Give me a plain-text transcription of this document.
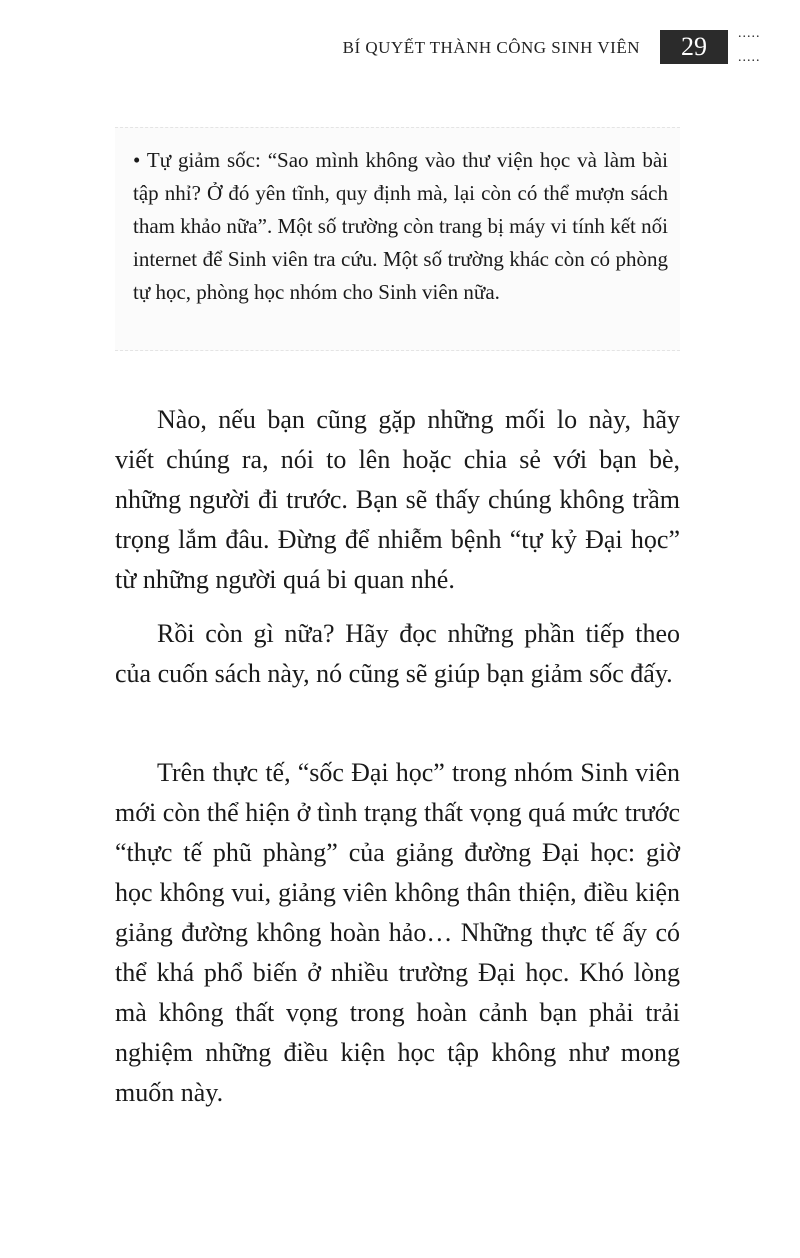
BÍ QUYẾT THÀNH CÔNG SINH VIÊN	29	.....
.....

• Tự giảm sốc: “Sao mình không vào thư viện học và làm bài tập nhỉ? Ở đó yên tĩnh, quy định mà, lại còn có thể mượn sách tham khảo nữa”. Một số trường còn trang bị máy vi tính kết nối internet để Sinh viên tra cứu. Một số trường khác còn có phòng tự học, phòng học nhóm cho Sinh viên nữa.

Nào, nếu bạn cũng gặp những mối lo này, hãy viết chúng ra, nói to lên hoặc chia sẻ với bạn bè, những người đi trước. Bạn sẽ thấy chúng không trầm trọng lắm đâu. Đừng để nhiễm bệnh “tự kỷ Đại học” từ những người quá bi quan nhé.

Rồi còn gì nữa? Hãy đọc những phần tiếp theo của cuốn sách này, nó cũng sẽ giúp bạn giảm sốc đấy.

Trên thực tế, “sốc Đại học” trong nhóm Sinh viên mới còn thể hiện ở tình trạng thất vọng quá mức trước “thực tế phũ phàng” của giảng đường Đại học: giờ học không vui, giảng viên không thân thiện, điều kiện giảng đường không hoàn hảo… Những thực tế ấy có thể khá phổ biến ở nhiều trường Đại học. Khó lòng mà không thất vọng trong hoàn cảnh bạn phải trải nghiệm những điều kiện học tập không như mong muốn này.
